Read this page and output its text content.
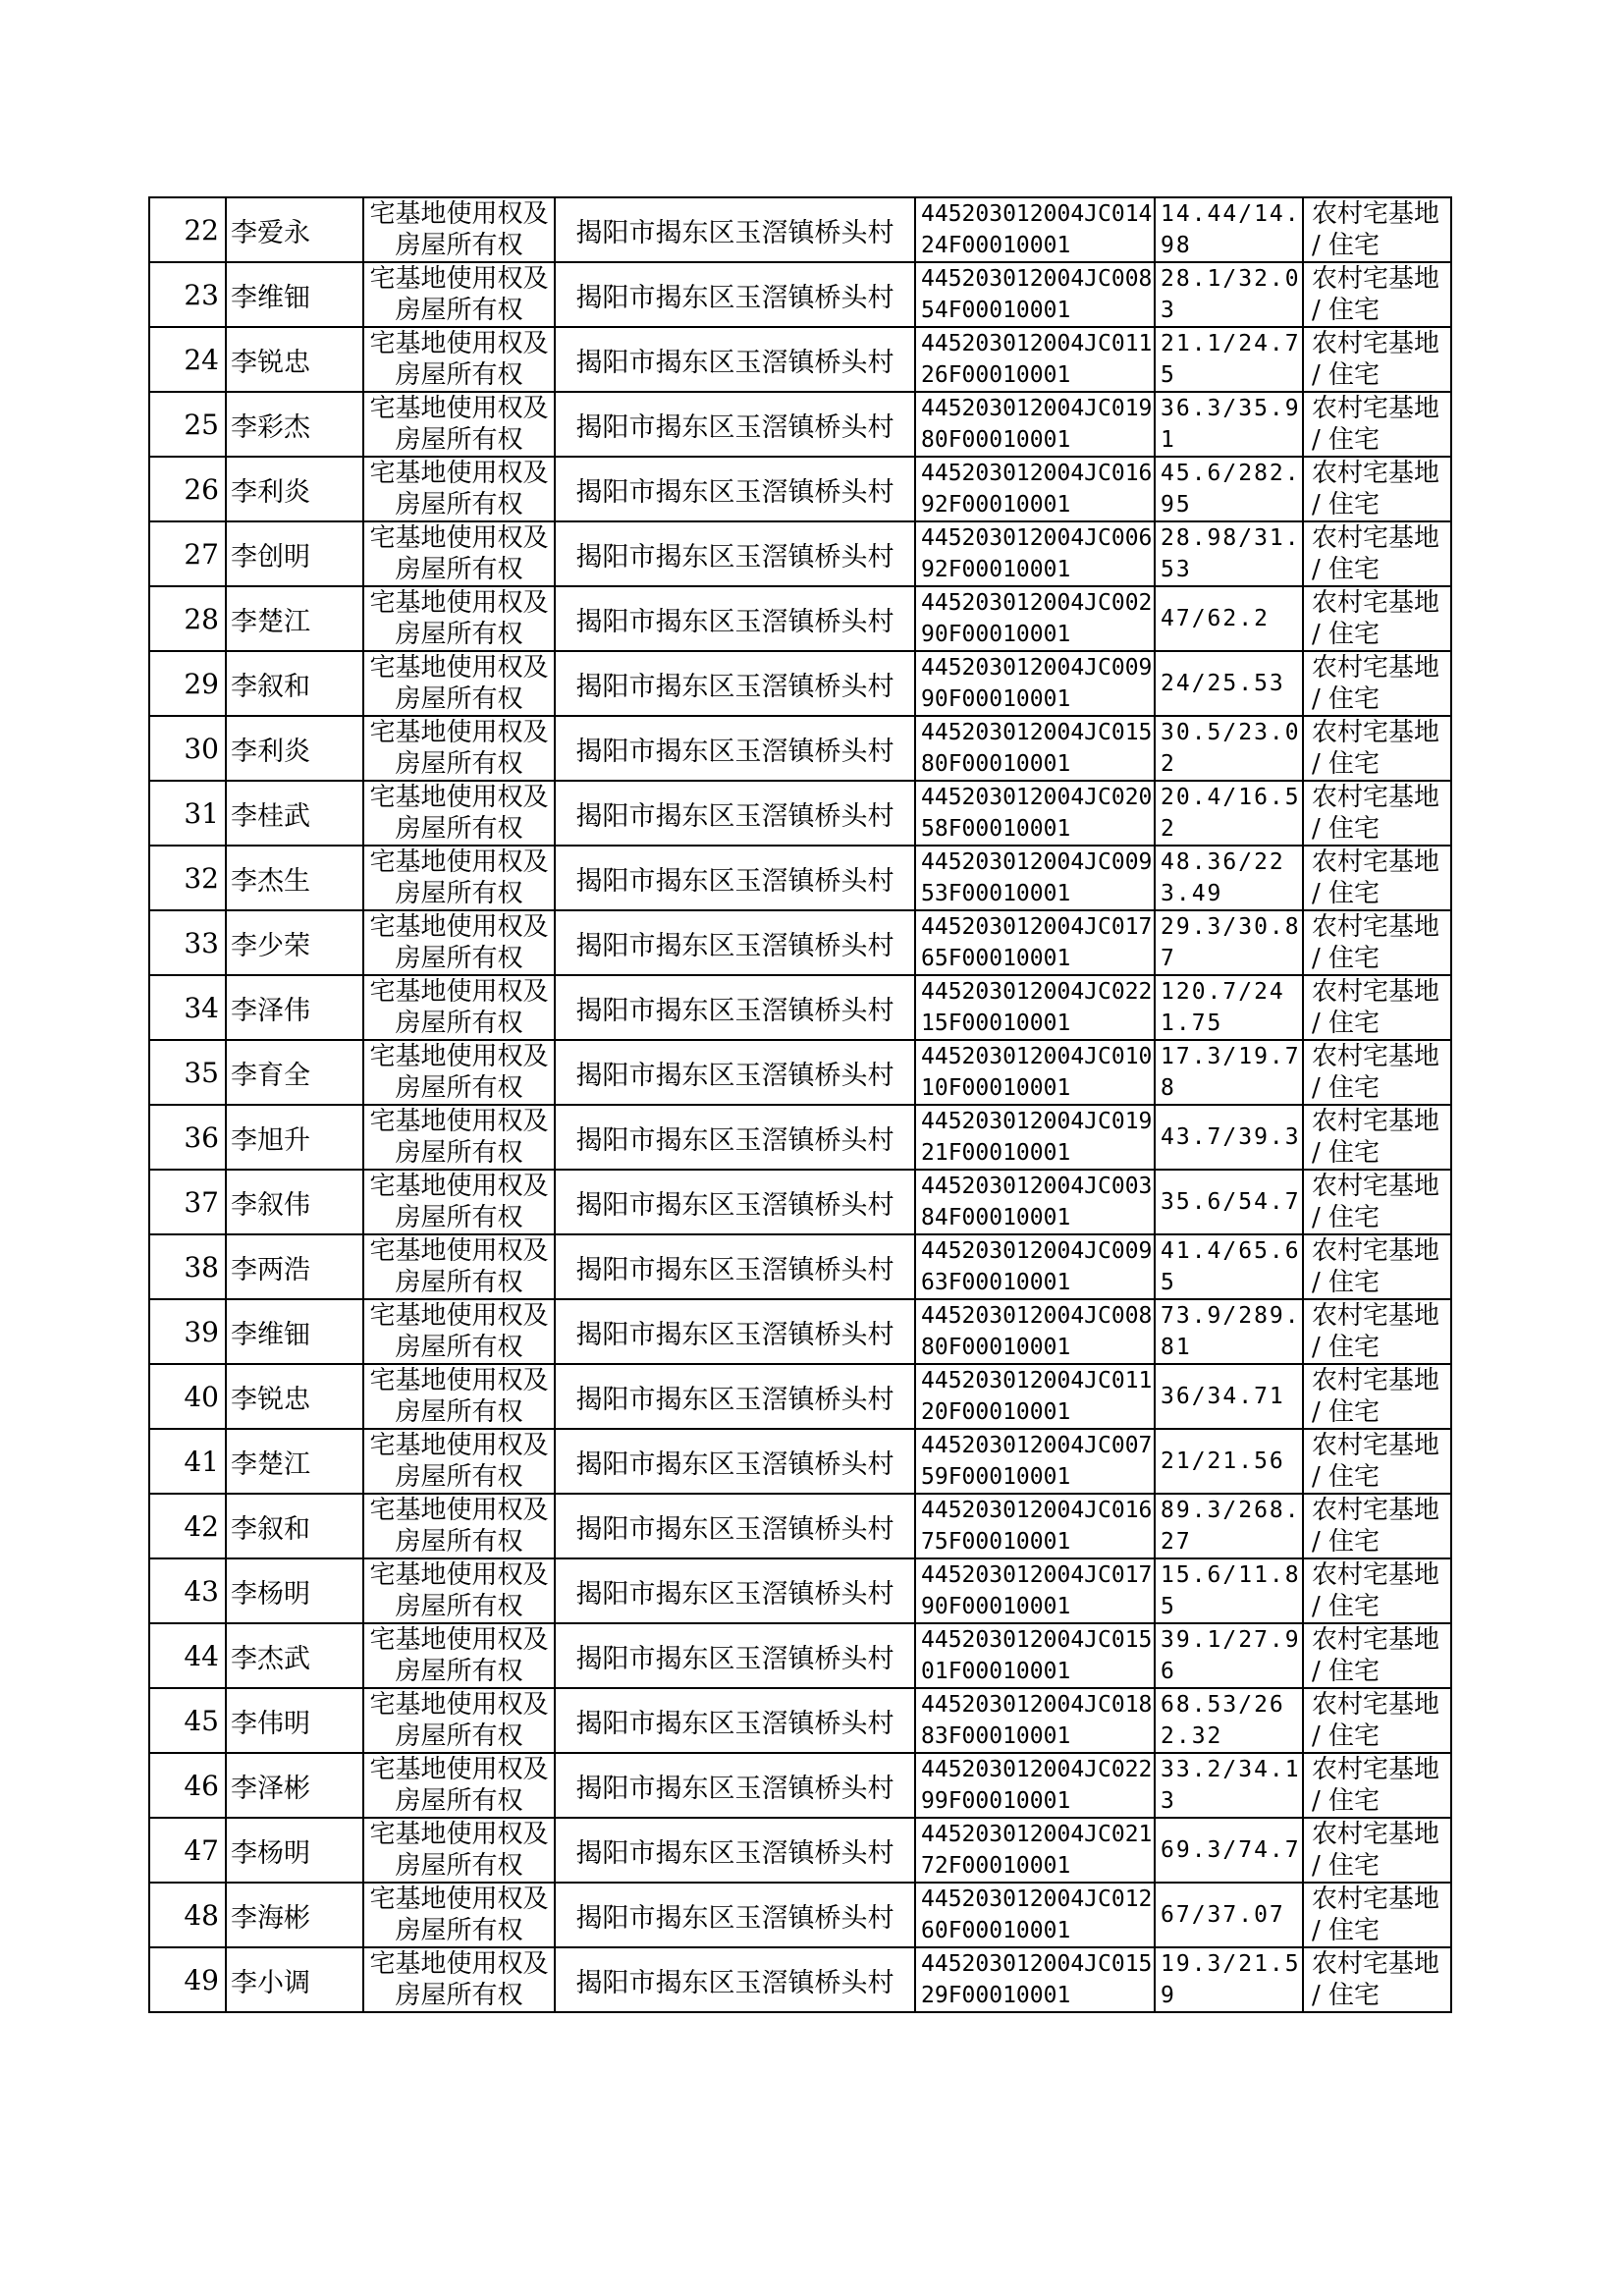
22	李爱永	宅基地使用权及房屋所有权	揭阳市揭东区玉滘镇桥头村	445203012004JC01424F00010001	14.44/14.98	农村宅基地 / 住宅

23	李维钿	宅基地使用权及房屋所有权	揭阳市揭东区玉滘镇桥头村	445203012004JC00854F00010001	28.1/32.03	农村宅基地 / 住宅

24	李锐忠	宅基地使用权及房屋所有权	揭阳市揭东区玉滘镇桥头村	445203012004JC01126F00010001	21.1/24.75	农村宅基地 / 住宅

25	李彩杰	宅基地使用权及房屋所有权	揭阳市揭东区玉滘镇桥头村	445203012004JC01980F00010001	36.3/35.91	农村宅基地 / 住宅

26	李利炎	宅基地使用权及房屋所有权	揭阳市揭东区玉滘镇桥头村	445203012004JC01692F00010001	45.6/282.95	农村宅基地 / 住宅

27	李创明	宅基地使用权及房屋所有权	揭阳市揭东区玉滘镇桥头村	445203012004JC00692F00010001	28.98/31.53	农村宅基地 / 住宅

28	李楚江	宅基地使用权及房屋所有权	揭阳市揭东区玉滘镇桥头村	445203012004JC00290F00010001	47/62.2	农村宅基地 / 住宅

29	李叙和	宅基地使用权及房屋所有权	揭阳市揭东区玉滘镇桥头村	445203012004JC00990F00010001	24/25.53	农村宅基地 / 住宅

30	李利炎	宅基地使用权及房屋所有权	揭阳市揭东区玉滘镇桥头村	445203012004JC01580F00010001	30.5/23.02	农村宅基地 / 住宅

31	李桂武	宅基地使用权及房屋所有权	揭阳市揭东区玉滘镇桥头村	445203012004JC02058F00010001	20.4/16.52	农村宅基地 / 住宅

32	李杰生	宅基地使用权及房屋所有权	揭阳市揭东区玉滘镇桥头村	445203012004JC00953F00010001	48.36/223.49	农村宅基地 / 住宅

33	李少荣	宅基地使用权及房屋所有权	揭阳市揭东区玉滘镇桥头村	445203012004JC01765F00010001	29.3/30.87	农村宅基地 / 住宅

34	李泽伟	宅基地使用权及房屋所有权	揭阳市揭东区玉滘镇桥头村	445203012004JC02215F00010001	120.7/241.75	农村宅基地 / 住宅

35	李育全	宅基地使用权及房屋所有权	揭阳市揭东区玉滘镇桥头村	445203012004JC01010F00010001	17.3/19.78	农村宅基地 / 住宅

36	李旭升	宅基地使用权及房屋所有权	揭阳市揭东区玉滘镇桥头村	445203012004JC01921F00010001	43.7/39.3	农村宅基地 / 住宅

37	李叙伟	宅基地使用权及房屋所有权	揭阳市揭东区玉滘镇桥头村	445203012004JC00384F00010001	35.6/54.7	农村宅基地 / 住宅

38	李两浩	宅基地使用权及房屋所有权	揭阳市揭东区玉滘镇桥头村	445203012004JC00963F00010001	41.4/65.65	农村宅基地 / 住宅

39	李维钿	宅基地使用权及房屋所有权	揭阳市揭东区玉滘镇桥头村	445203012004JC00880F00010001	73.9/289.81	农村宅基地 / 住宅

40	李锐忠	宅基地使用权及房屋所有权	揭阳市揭东区玉滘镇桥头村	445203012004JC01120F00010001	36/34.71	农村宅基地 / 住宅

41	李楚江	宅基地使用权及房屋所有权	揭阳市揭东区玉滘镇桥头村	445203012004JC00759F00010001	21/21.56	农村宅基地 / 住宅

42	李叙和	宅基地使用权及房屋所有权	揭阳市揭东区玉滘镇桥头村	445203012004JC01675F00010001	89.3/268.27	农村宅基地 / 住宅

43	李杨明	宅基地使用权及房屋所有权	揭阳市揭东区玉滘镇桥头村	445203012004JC01790F00010001	15.6/11.85	农村宅基地 / 住宅

44	李杰武	宅基地使用权及房屋所有权	揭阳市揭东区玉滘镇桥头村	445203012004JC01501F00010001	39.1/27.96	农村宅基地 / 住宅

45	李伟明	宅基地使用权及房屋所有权	揭阳市揭东区玉滘镇桥头村	445203012004JC01883F00010001	68.53/262.32	农村宅基地 / 住宅

46	李泽彬	宅基地使用权及房屋所有权	揭阳市揭东区玉滘镇桥头村	445203012004JC02299F00010001	33.2/34.13	农村宅基地 / 住宅

47	李杨明	宅基地使用权及房屋所有权	揭阳市揭东区玉滘镇桥头村	445203012004JC02172F00010001	69.3/74.7	农村宅基地 / 住宅

48	李海彬	宅基地使用权及房屋所有权	揭阳市揭东区玉滘镇桥头村	445203012004JC01260F00010001	67/37.07	农村宅基地 / 住宅

49	李小调	宅基地使用权及房屋所有权	揭阳市揭东区玉滘镇桥头村	445203012004JC01529F00010001	19.3/21.59	农村宅基地 / 住宅
